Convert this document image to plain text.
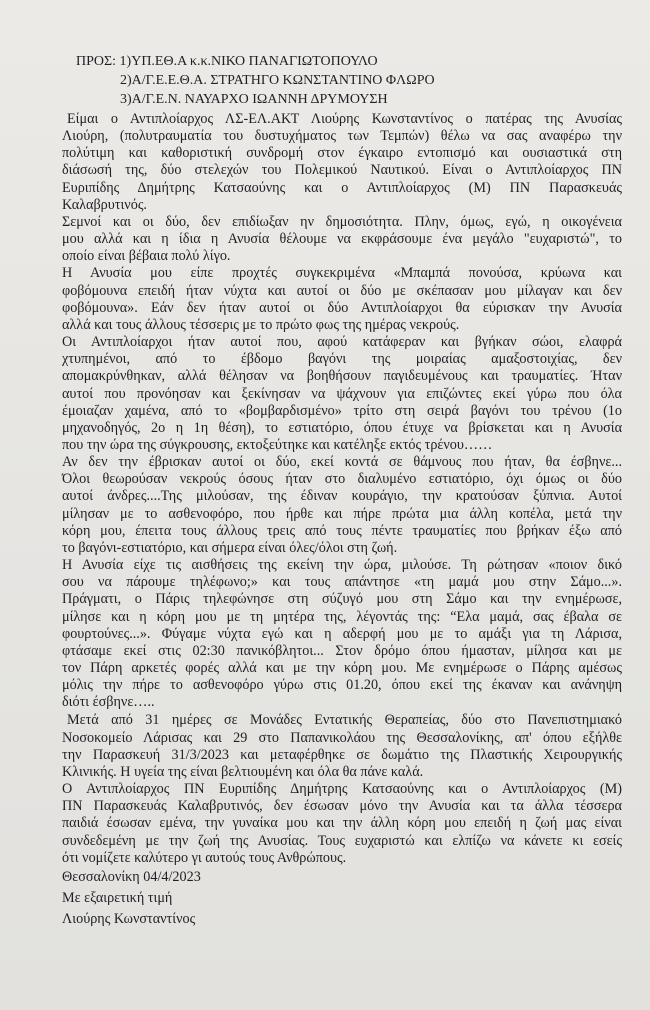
ΠΡΟΣ: 1)ΥΠ.ΕΘ.Α κ.κ.ΝΙΚΟ ΠΑΝΑΓΙΩΤΟΠΟΥΛΟ
2)Α/Γ.Ε.Ε.Θ.Α. ΣΤΡΑΤΗΓΟ ΚΩΝΣΤΑΝΤΙΝΟ ΦΛΩΡΟ
3)Α/Γ.Ε.Ν. ΝΑΥΑΡΧΟ ΙΩΑΝΝΗ ΔΡΥΜΟΥΣΗ
Είμαι ο Αντιπλοίαρχος ΛΣ-ΕΛ.ΑΚΤ Λιούρης Κωνσταντίνος ο πατέρας της Ανυσίας
Λιούρη, (πολυτραυματία του δυστυχήματος των Τεμπών) θέλω να σας αναφέρω την
πολύτιμη και καθοριστική συνδρομή στον έγκαιρο εντοπισμό και ουσιαστικά στη
διάσωσή της, δύο στελεχών του Πολεμικού Ναυτικού. Είναι ο Αντιπλοίαρχος ΠΝ
Ευριπίδης Δημήτρης Κατσαούνης και ο Αντιπλοίαρχος (Μ) ΠΝ Παρασκευάς
Καλαβρυτινός.
Σεμνοί και οι δύο, δεν επιδίωξαν ην δημοσιότητα. Πλην, όμως, εγώ, η οικογένεια
μου αλλά και η ίδια η Ανυσία θέλουμε να εκφράσουμε ένα μεγάλο "ευχαριστώ", το
οποίο είναι βέβαια πολύ λίγο.
Η Ανυσία μου είπε προχτές συγκεκριμένα «Μπαμπά πονούσα, κρύωνα και
φοβόμουνα επειδή ήταν νύχτα και αυτοί οι δύο με σκέπασαν μου μίλαγαν και δεν
φοβόμουνα». Εάν δεν ήταν αυτοί οι δύο Αντιπλοίαρχοι θα εύρισκαν την Ανυσία
αλλά και τους άλλους τέσσερις με το πρώτο φως της ημέρας νεκρούς.
Οι Αντιπλοίαρχοι ήταν αυτοί που, αφού κατάφεραν και βγήκαν σώοι, ελαφρά
χτυπημένοι, από το έβδομο βαγόνι της μοιραίας αμαξοστοιχίας, δεν
απομακρύνθηκαν, αλλά θέλησαν να βοηθήσουν παγιδευμένους και τραυματίες. Ήταν
αυτοί που προνόησαν και ξεκίνησαν να ψάχνουν για επιζώντες εκεί γύρω που όλα
έμοιαζαν χαμένα, από το «βομβαρδισμένο» τρίτο στη σειρά βαγόνι του τρένου (1ο
μηχανοδηγός, 2ο η 1η θέση), το εστιατόριο, όπου έτυχε να βρίσκεται και η Ανυσία
που την ώρα της σύγκρουσης, εκτοξεύτηκε και κατέληξε εκτός τρένου……
Αν δεν την έβρισκαν αυτοί οι δύο, εκεί κοντά σε θάμνους που ήταν, θα έσβηνε...
Όλοι θεωρούσαν νεκρούς όσους ήταν στο διαλυμένο εστιατόριο, όχι όμως οι δύο
αυτοί άνδρες....Της μιλούσαν, της έδιναν κουράγιο, την κρατούσαν ξύπνια. Αυτοί
μίλησαν με το ασθενοφόρο, που ήρθε και πήρε πρώτα μια άλλη κοπέλα, μετά την
κόρη μου, έπειτα τους άλλους τρεις από τους πέντε τραυματίες που βρήκαν έξω από
το βαγόνι-εστιατόριο, και σήμερα είναι όλες/όλοι στη ζωή.
Η Ανυσία είχε τις αισθήσεις της εκείνη την ώρα, μιλούσε. Τη ρώτησαν «ποιον δικό
σου να πάρουμε τηλέφωνο;» και τους απάντησε «τη μαμά μου στην Σάμο...».
Πράγματι, ο Πάρις τηλεφώνησε στη σύζυγό μου στη Σάμο και την ενημέρωσε,
μίλησε και η κόρη μου με τη μητέρα της, λέγοντάς της: “Ελα μαμά, σας έβαλα σε
φουρτούνες...». Φύγαμε νύχτα εγώ και η αδερφή μου με το αμάξι για τη Λάρισα,
φτάσαμε εκεί στις 02:30 πανικόβλητοι... Στον δρόμο όπου ήμασταν, μίλησα και με
τον Πάρη αρκετές φορές αλλά και με την κόρη μου. Με ενημέρωσε ο Πάρης αμέσως
μόλις την πήρε το ασθενοφόρο γύρω στις 01.20, όπου εκεί της έκαναν και ανάνηψη
διότι έσβηνε…..
Μετά από 31 ημέρες σε Μονάδες Εντατικής Θεραπείας, δύο στο Πανεπιστημιακό
Νοσοκομείο Λάρισας και 29 στο Παπανικολάου της Θεσσαλονίκης, απ' όπου εξήλθε
την Παρασκευή 31/3/2023 και μεταφέρθηκε σε δωμάτιο της Πλαστικής Χειρουργικής
Κλινικής. Η υγεία της είναι βελτιουμένη και όλα θα πάνε καλά.
Ο Αντιπλοίαρχος ΠΝ Ευριπίδης Δημήτρης Κατσαούνης και ο Αντιπλοίαρχος (Μ)
ΠΝ Παρασκευάς Καλαβρυτινός, δεν έσωσαν μόνο την Ανυσία και τα άλλα τέσσερα
παιδιά έσωσαν εμένα, την γυναίκα μου και την άλλη κόρη μου επειδή η ζωή μας είναι
συνδεδεμένη με την ζωή της Ανυσίας. Τους ευχαριστώ και ελπίζω να κάνετε κι εσείς
ότι νομίζετε καλύτερο γι αυτούς τους Ανθρώπους.
Θεσσαλονίκη 04/4/2023
Με εξαιρετική τιμή
Λιούρης Κωνσταντίνος
